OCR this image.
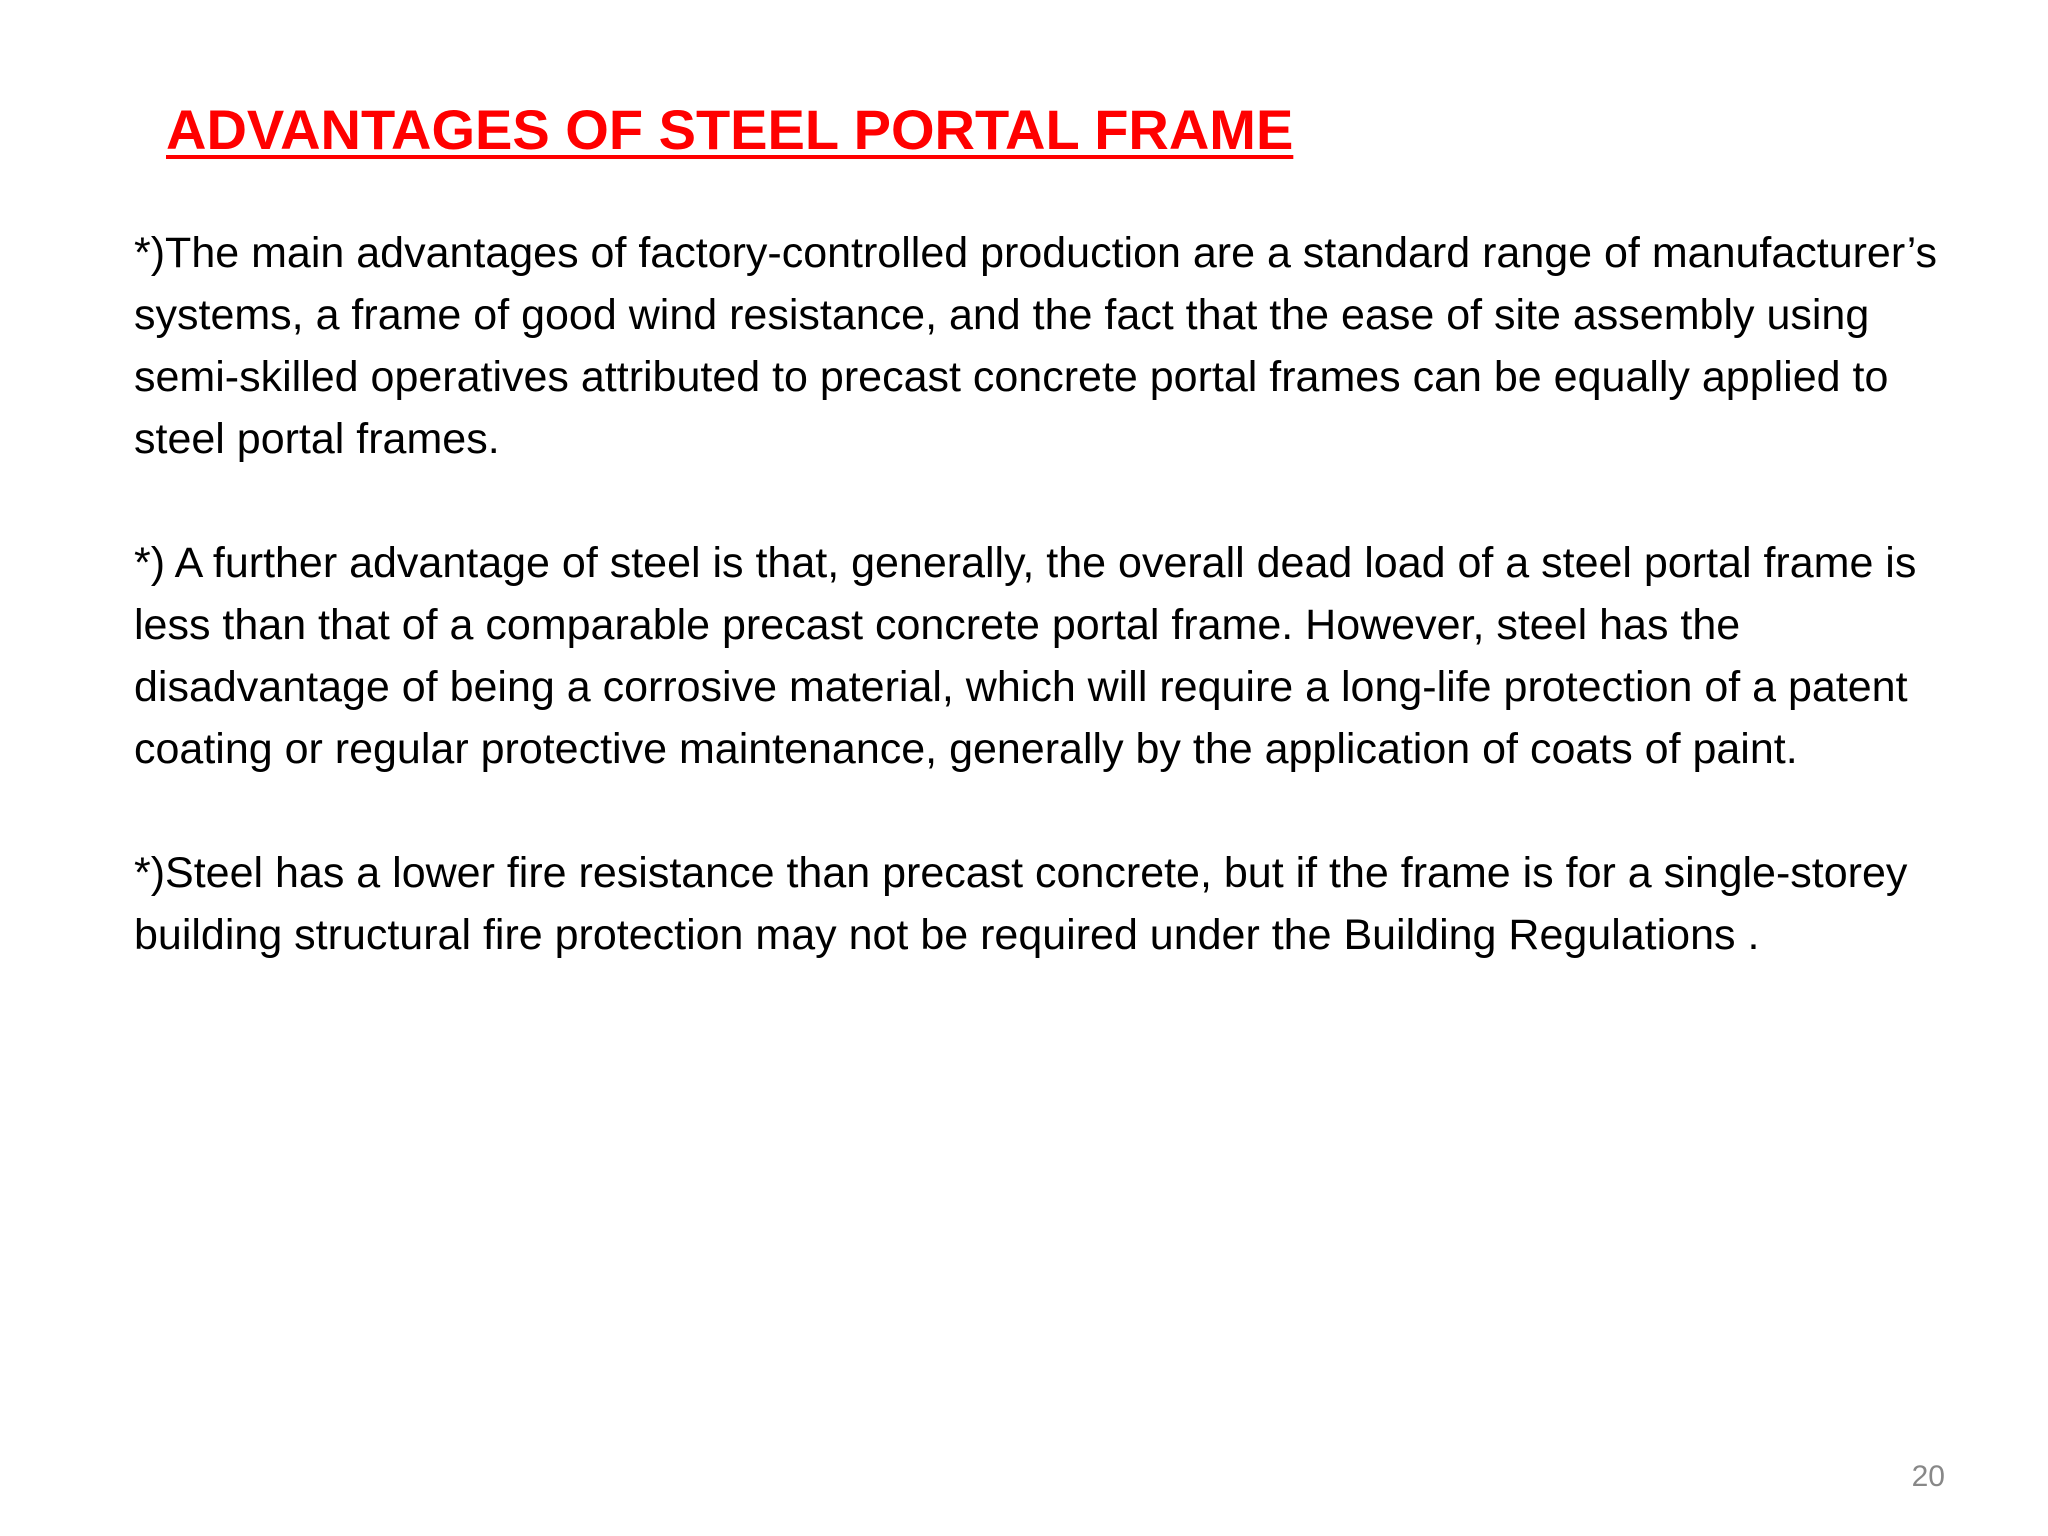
ADVANTAGES OF STEEL PORTAL FRAME

*)The main advantages of factory-controlled production are a standard range of manufacturer’s systems, a frame of good wind resistance, and the fact that the ease of site assembly using semi-skilled operatives attributed to precast concrete portal frames can be equally applied to steel portal frames.

*) A further advantage of steel is that, generally, the overall dead load of a steel portal frame is less than that of a comparable precast concrete portal frame. However, steel has the disadvantage of being a corrosive material, which will require a long-life protection of a patent coating or regular protective maintenance, generally by the application of coats of paint.

*)Steel has a lower fire resistance than precast concrete, but if the frame is for a single-storey building structural fire protection may not be required under the Building Regulations .

20
